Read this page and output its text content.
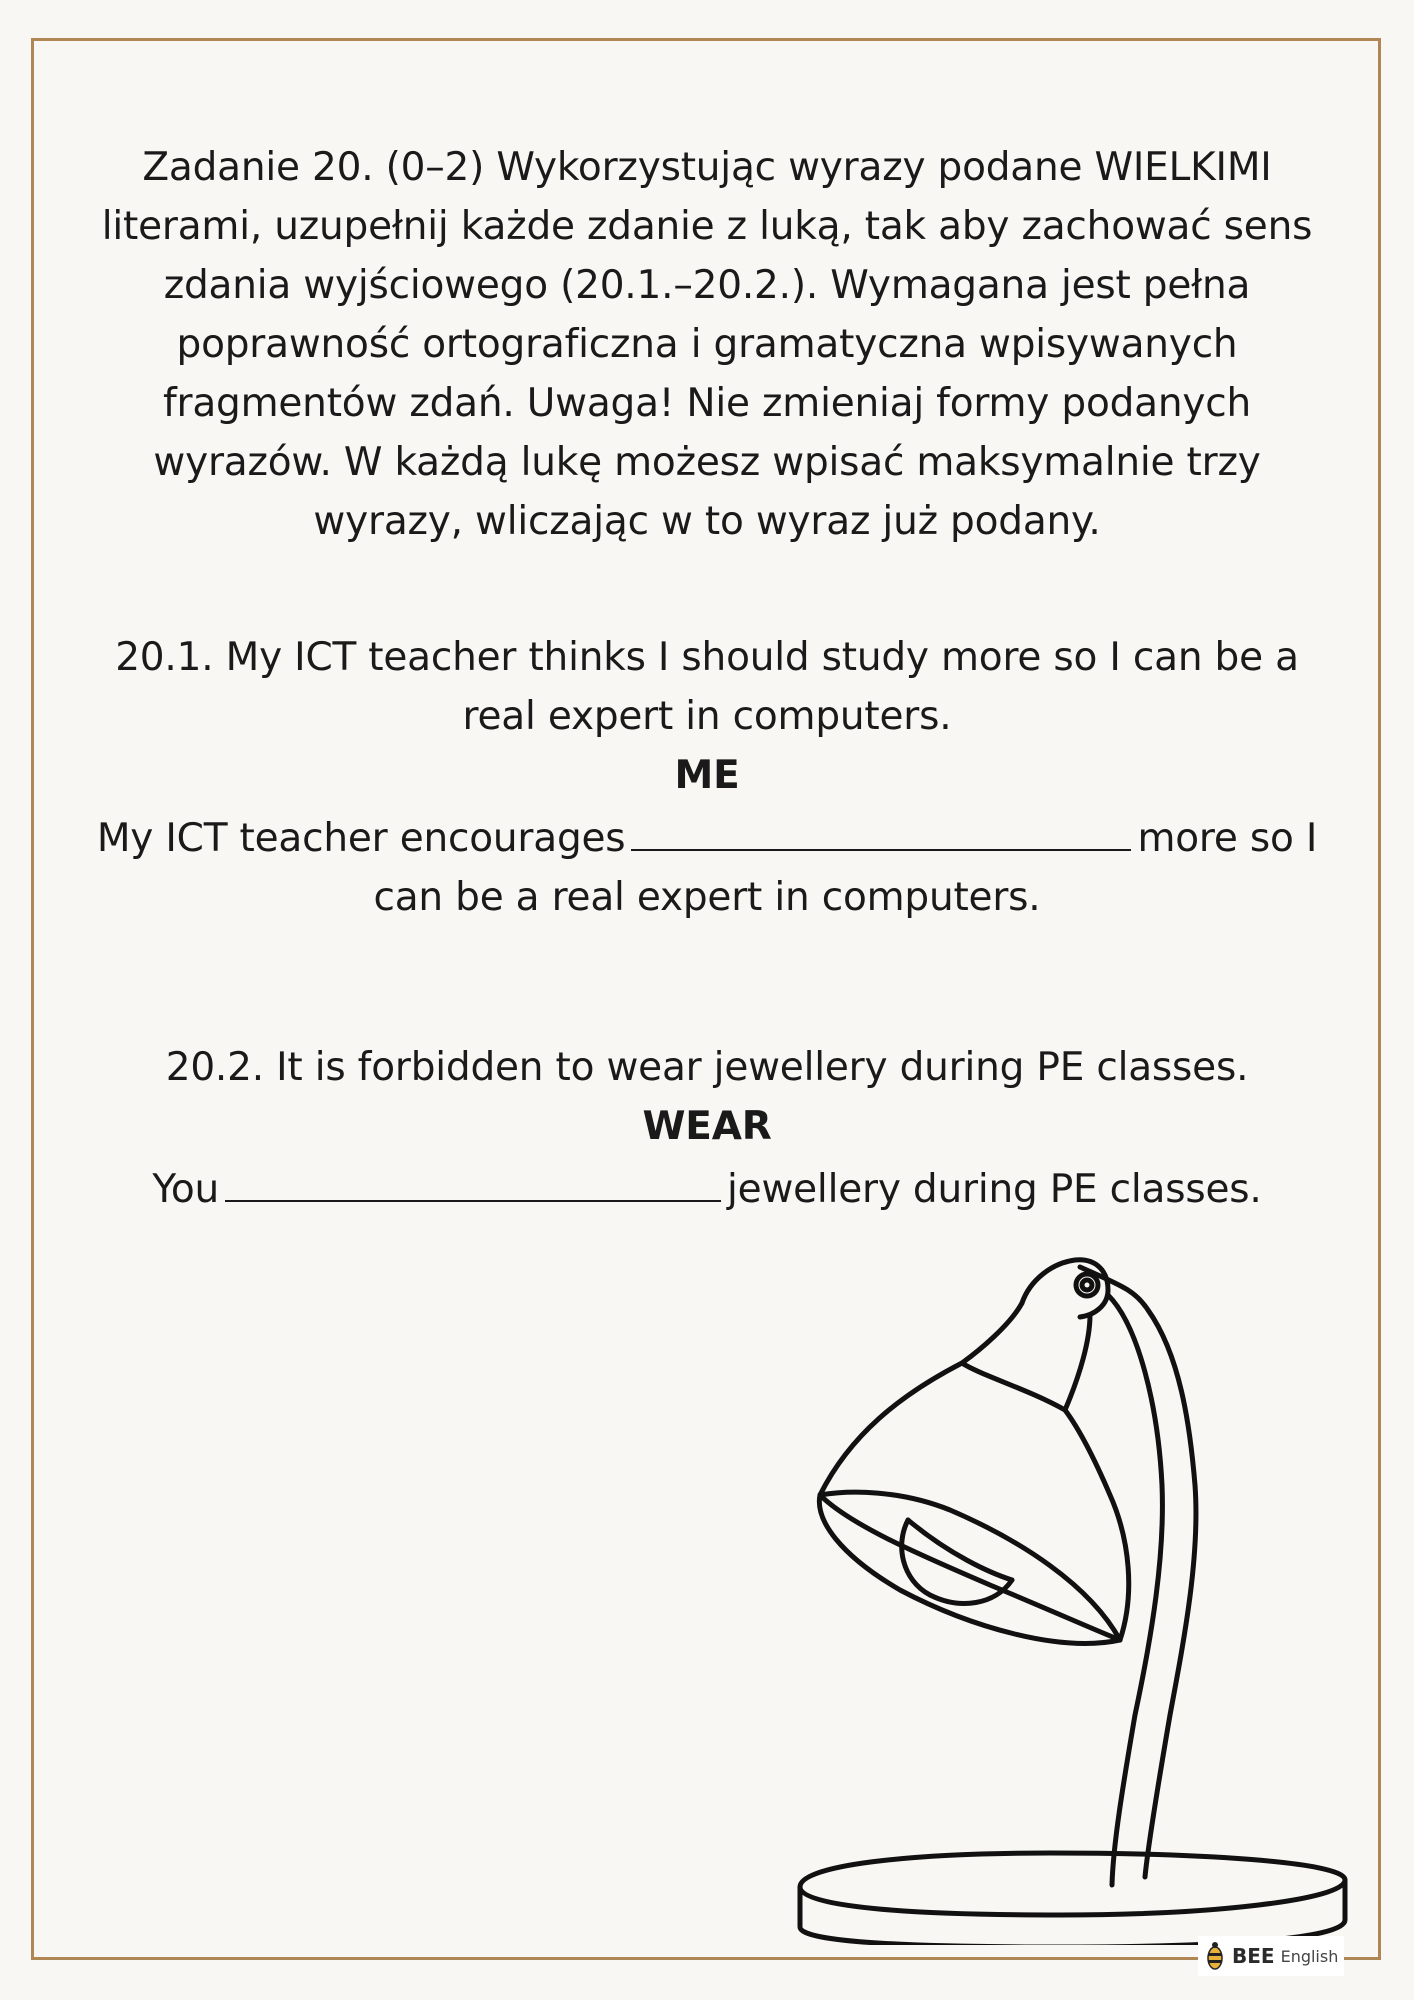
Zadanie 20. (0–2) Wykorzystując wyrazy podane WIELKIMI literami, uzupełnij każde zdanie z luką, tak aby zachować sens zdania wyjściowego (20.1.–20.2.). Wymagana jest pełna poprawność ortograficzna i gramatyczna wpisywanych fragmentów zdań. Uwaga! Nie zmieniaj formy podanych wyrazów. W każdą lukę możesz wpisać maksymalnie trzy wyrazy, wliczając w to wyraz już podany.
20.1. My ICT teacher thinks I should study more so I can be a real expert in computers.
ME
My ICT teacher encourages	more so I can be a real expert in computers.
20.2. It is forbidden to wear jewellery during PE classes.
WEAR
You	jewellery during PE classes.
BEE English
